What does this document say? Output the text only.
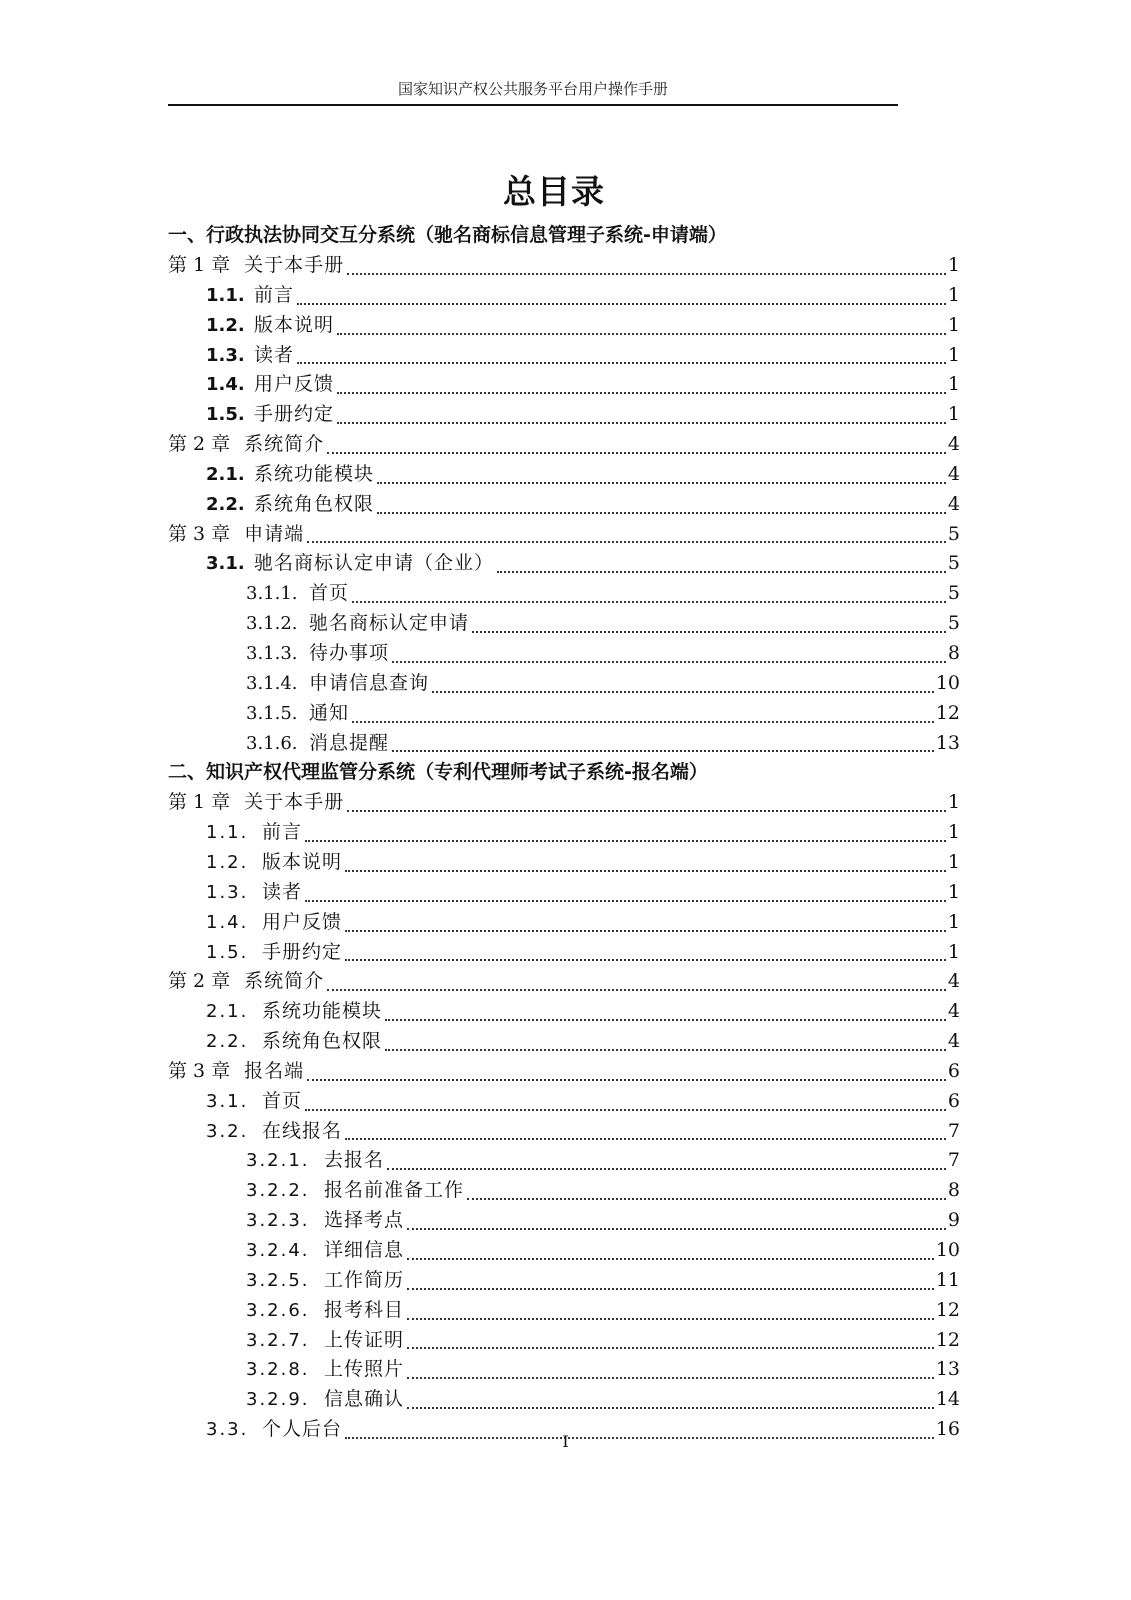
国家知识产权公共服务平台用户操作手册
总目录
一、行政执法协同交互分系统（驰名商标信息管理子系统-申请端）
第 1 章 关于本手册	1
1.1. 前言	1
1.2. 版本说明	1
1.3. 读者	1
1.4. 用户反馈	1
1.5. 手册约定	1
第 2 章 系统简介	4
2.1. 系统功能模块	4
2.2. 系统角色权限	4
第 3 章 申请端	5
3.1. 驰名商标认定申请（企业）	5
3.1.1. 首页	5
3.1.2. 驰名商标认定申请	5
3.1.3. 待办事项	8
3.1.4. 申请信息查询	10
3.1.5. 通知	12
3.1.6. 消息提醒	13
二、知识产权代理监管分系统（专利代理师考试子系统-报名端）
第 1 章 关于本手册	1
1.1. 前言	1
1.2. 版本说明	1
1.3. 读者	1
1.4. 用户反馈	1
1.5. 手册约定	1
第 2 章 系统简介	4
2.1. 系统功能模块	4
2.2. 系统角色权限	4
第 3 章 报名端	6
3.1. 首页	6
3.2. 在线报名	7
3.2.1. 去报名	7
3.2.2. 报名前准备工作	8
3.2.3. 选择考点	9
3.2.4. 详细信息	10
3.2.5. 工作简历	11
3.2.6. 报考科目	12
3.2.7. 上传证明	12
3.2.8. 上传照片	13
3.2.9. 信息确认	14
3.3. 个人后台	16
I
